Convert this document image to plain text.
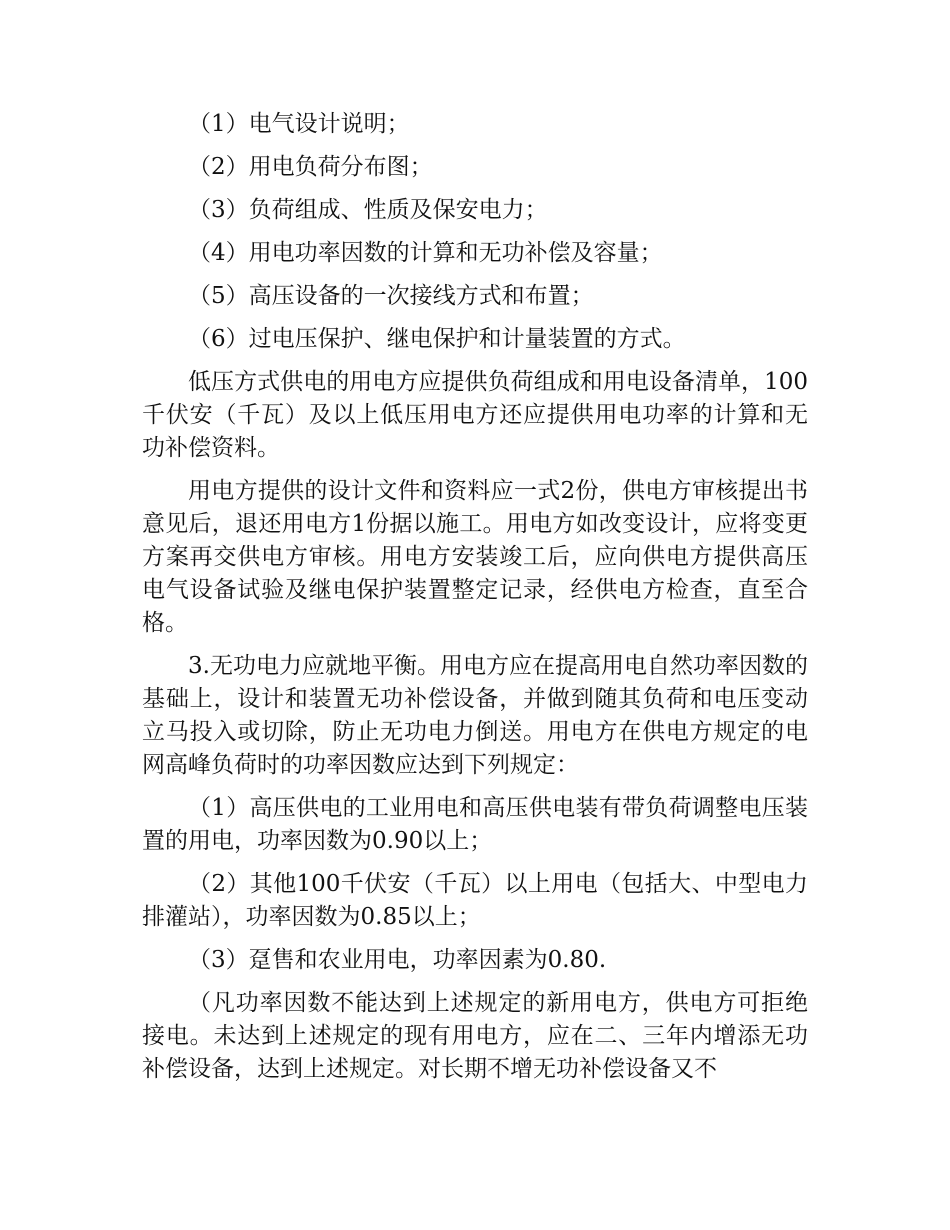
（1）电气设计说明；

（2）用电负荷分布图；

（3）负荷组成、性质及保安电力；

（4）用电功率因数的计算和无功补偿及容量；

（5）高压设备的一次接线方式和布置；

（6）过电压保护、继电保护和计量装置的方式。

低压方式供电的用电方应提供负荷组成和用电设备清单，100千伏安（千瓦）及以上低压用电方还应提供用电功率的计算和无功补偿资料。

用电方提供的设计文件和资料应一式2份，供电方审核提出书意见后，退还用电方1份据以施工。用电方如改变设计，应将变更方案再交供电方审核。用电方安装竣工后，应向供电方提供高压电气设备试验及继电保护装置整定记录，经供电方检查，直至合格。

3.无功电力应就地平衡。用电方应在提高用电自然功率因数的基础上，设计和装置无功补偿设备，并做到随其负荷和电压变动立马投入或切除，防止无功电力倒送。用电方在供电方规定的电网高峰负荷时的功率因数应达到下列规定：

（1）高压供电的工业用电和高压供电装有带负荷调整电压装置的用电，功率因数为0.90以上；

（2）其他100千伏安（千瓦）以上用电（包括大、中型电力排灌站），功率因数为0.85以上；

（3）趸售和农业用电，功率因素为0.80.

（凡功率因数不能达到上述规定的新用电方，供电方可拒绝接电。未达到上述规定的现有用电方，应在二、三年内增添无功补偿设备，达到上述规定。对长期不增无功补偿设备又不
